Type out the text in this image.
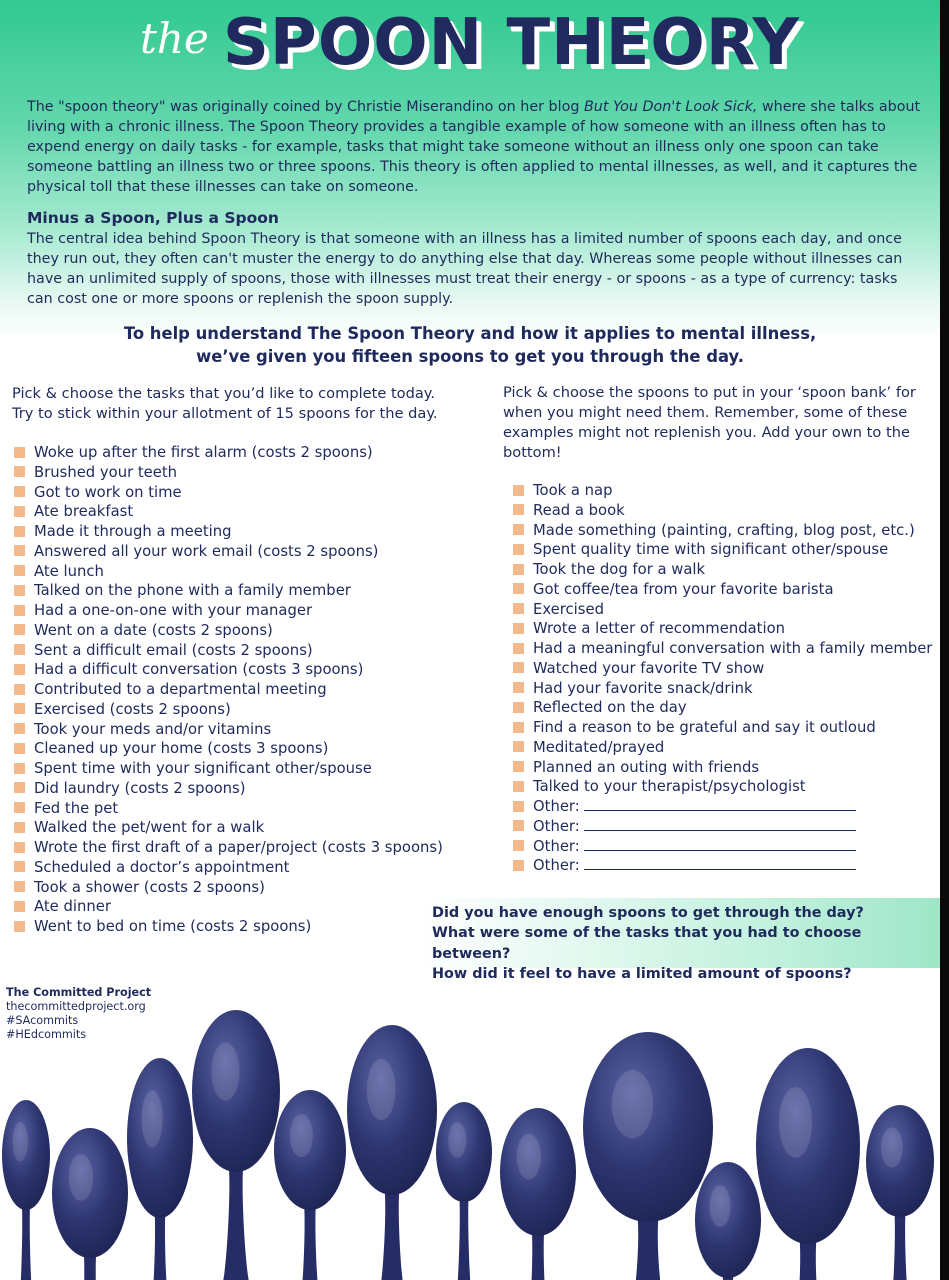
the SPOON THEORY

The "spoon theory" was originally coined by Christie Miserandino on her blog But You Don't Look Sick, where she talks about living with a chronic illness. The Spoon Theory provides a tangible example of how someone with an illness often has to expend energy on daily tasks - for example, tasks that might take someone without an illness only one spoon can take someone battling an illness two or three spoons. This theory is often applied to mental illnesses, as well, and it captures the physical toll that these illnesses can take on someone.

Minus a Spoon, Plus a Spoon

The central idea behind Spoon Theory is that someone with an illness has a limited number of spoons each day, and once they run out, they often can't muster the energy to do anything else that day. Whereas some people without illnesses can have an unlimited supply of spoons, those with illnesses must treat their energy - or spoons - as a type of currency: tasks can cost one or more spoons or replenish the spoon supply.

To help understand The Spoon Theory and how it applies to mental illness,
we’ve given you fifteen spoons to get you through the day.
Pick & choose the tasks that you’d like to complete today.
Try to stick within your allotment of 15 spoons for the day.
Woke up after the first alarm (costs 2 spoons)
Brushed your teeth
Got to work on time
Ate breakfast
Made it through a meeting
Answered all your work email (costs 2 spoons)
Ate lunch
Talked on the phone with a family member
Had a one-on-one with your manager
Went on a date (costs 2 spoons)
Sent a difficult email (costs 2 spoons)
Had a difficult conversation (costs 3 spoons)
Contributed to a departmental meeting
Exercised (costs 2 spoons)
Took your meds and/or vitamins
Cleaned up your home (costs 3 spoons)
Spent time with your significant other/spouse
Did laundry (costs 2 spoons)
Fed the pet
Walked the pet/went for a walk
Wrote the first draft of a paper/project (costs 3 spoons)
Scheduled a doctor’s appointment
Took a shower (costs 2 spoons)
Ate dinner
Went to bed on time (costs 2 spoons)
Pick & choose the spoons to put in your ‘spoon bank’ for
when you might need them. Remember, some of these
examples might not replenish you. Add your own to the
bottom!
Took a nap
Read a book
Made something (painting, crafting, blog post, etc.)
Spent quality time with significant other/spouse
Took the dog for a walk
Got coffee/tea from your favorite barista
Exercised
Wrote a letter of recommendation
Had a meaningful conversation with a family member
Watched your favorite TV show
Had your favorite snack/drink
Reflected on the day
Find a reason to be grateful and say it outloud
Meditated/prayed
Planned an outing with friends
Talked to your therapist/psychologist
Other:
Other:
Other:
Other:

Did you have enough spoons to get through the day?

What were some of the tasks that you had to choose between?

How did it feel to have a limited amount of spoons?

The Committed Project
thecommittedproject.org
#SAcommits
#HEdcommits
